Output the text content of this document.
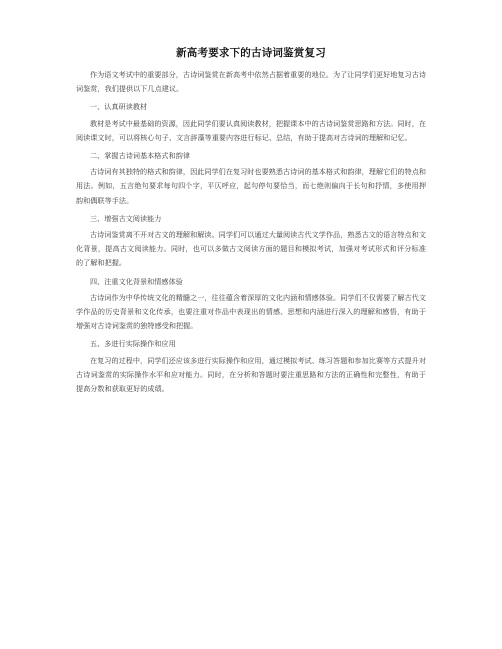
新高考要求下的古诗词鉴赏复习

作为语文考试中的重要部分，古诗词鉴赏在新高考中依然占据着重要的地位。为了让同学们更好地复习古诗词鉴赏，我们提供以下几点建议。

一、认真研读教材

教材是考试中最基础的资源，因此同学们要认真阅读教材，把握课本中的古诗词鉴赏思路和方法。同时，在阅读课文时，可以将核心句子、文言辞藻等重要内容进行标记、总结，有助于提高对古诗词的理解和记忆。

二、掌握古诗词基本格式和韵律

古诗词有其独特的格式和韵律，因此同学们在复习时也要熟悉古诗词的基本格式和韵律，理解它们的特点和用法。例如，五言绝句要求每句四个字，平仄呼应，起句停句要恰当，而七绝则偏向于长句和抒情，多使用押韵和偶联等手法。

三、增强古文阅读能力

古诗词鉴赏离不开对古文的理解和解读。同学们可以通过大量阅读古代文学作品，熟悉古文的语言特点和文化背景，提高古文阅读能力。同时，也可以多做古文阅读方面的题目和模拟考试，加强对考试形式和评分标准的了解和把握。

四、注重文化背景和情感体验

古诗词作为中华传统文化的精髓之一，往往蕴含着深厚的文化内涵和情感体验。同学们不仅需要了解古代文学作品的历史背景和文化传承，也要注重对作品中表现出的情感、思想和内涵进行深入的理解和感悟，有助于增强对古诗词鉴赏的独特感受和把握。

五、多进行实际操作和应用

在复习的过程中，同学们还应该多进行实际操作和应用，通过模拟考试、练习答题和参加比赛等方式提升对古诗词鉴赏的实际操作水平和应对能力。同时，在分析和答题时要注重思路和方法的正确性和完整性，有助于提高分数和获取更好的成绩。
